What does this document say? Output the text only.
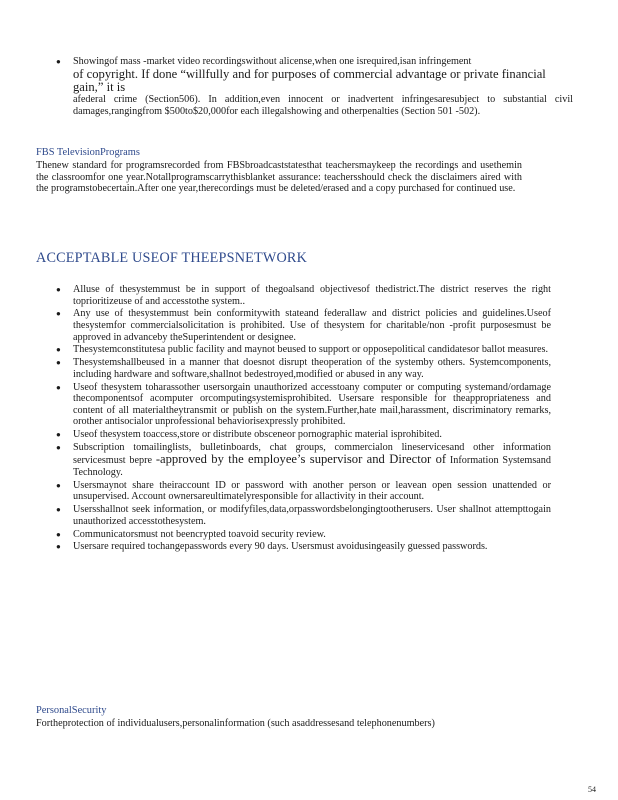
● Showingof mass -market video recordingswithout alicense,when one isrequired,isan infringement
of copyright. If done “willfully and for purposes of commercial advantage or private financial gain,” it is
afederal crime (Section506). In addition,even innocent or inadvertent infringesaresubject to substantial civil damages,rangingfrom $500to$20,000for each illegalshowing and otherpenalties (Section 501 -502).
FBS TelevisionPrograms

Thenew standard for programsrecorded from FBSbroadcaststatesthat teachersmaykeep the recordings and usethemin the classroomfor one year.Notallprogramscarrythisblanket assurance: teachersshould check the disclaimers aired with the programstobecertain.After one year,therecordings must be deleted/erased and a copy purchased for continued use.

ACCEPTABLE USEOF THEEPSNETWORK
● Alluse of thesystemmust be in support of thegoalsand objectivesof thedistrict.The district reserves the right toprioritizeuse of and accesstothe system..
● Any use of thesystemmust bein conformitywith stateand federallaw and district policies and guidelines.Useof thesystemfor commercialsolicitation is prohibited. Use of thesystem for charitable/non -profit purposesmust be approved in advanceby theSuperintendent or designee.
● Thesystemconstitutesa public facility and maynot beused to support or opposepolitical candidatesor ballot measures.
● Thesystemshallbeused in a manner that doesnot disrupt theoperation of the systemby others. Systemcomponents, including hardware and software,shallnot bedestroyed,modified or abused in any way.
● Useof thesystem toharassother usersorgain unauthorized accesstoany computer or computing systemand/ordamage thecomponentsof acomputer orcomputingsystemisprohibited. Usersare responsible for theappropriateness and content of all materialtheytransmit or publish on the system.Further,hate mail,harassment, discriminatory remarks, orother antisocialor unprofessional behaviorisexpressly prohibited.
● Useof thesystem toaccess,store or distribute obsceneor pornographic material isprohibited.
● Subscription tomailinglists, bulletinboards, chat groups, commercialon lineservicesand other information servicesmust bepre -approved by the employee’s supervisor and Director of Information Systemsand Technology.
● Usersmaynot share theiraccount ID or password with another person or leavean open session unattended or unsupervised. Account ownersareultimatelyresponsible for allactivity in their account.
● Usersshallnot seek information, or modifyfiles,data,orpasswordsbelongingtootherusers. User shallnot attempttogain unauthorized accesstothesystem.
● Communicatorsmust not beencrypted toavoid security review.
● Usersare required tochangepasswords every 90 days. Usersmust avoidusingeasily guessed passwords.
PersonalSecurity

Fortheprotection of individualusers,personalinformation (such asaddressesand telephonenumbers)

54
